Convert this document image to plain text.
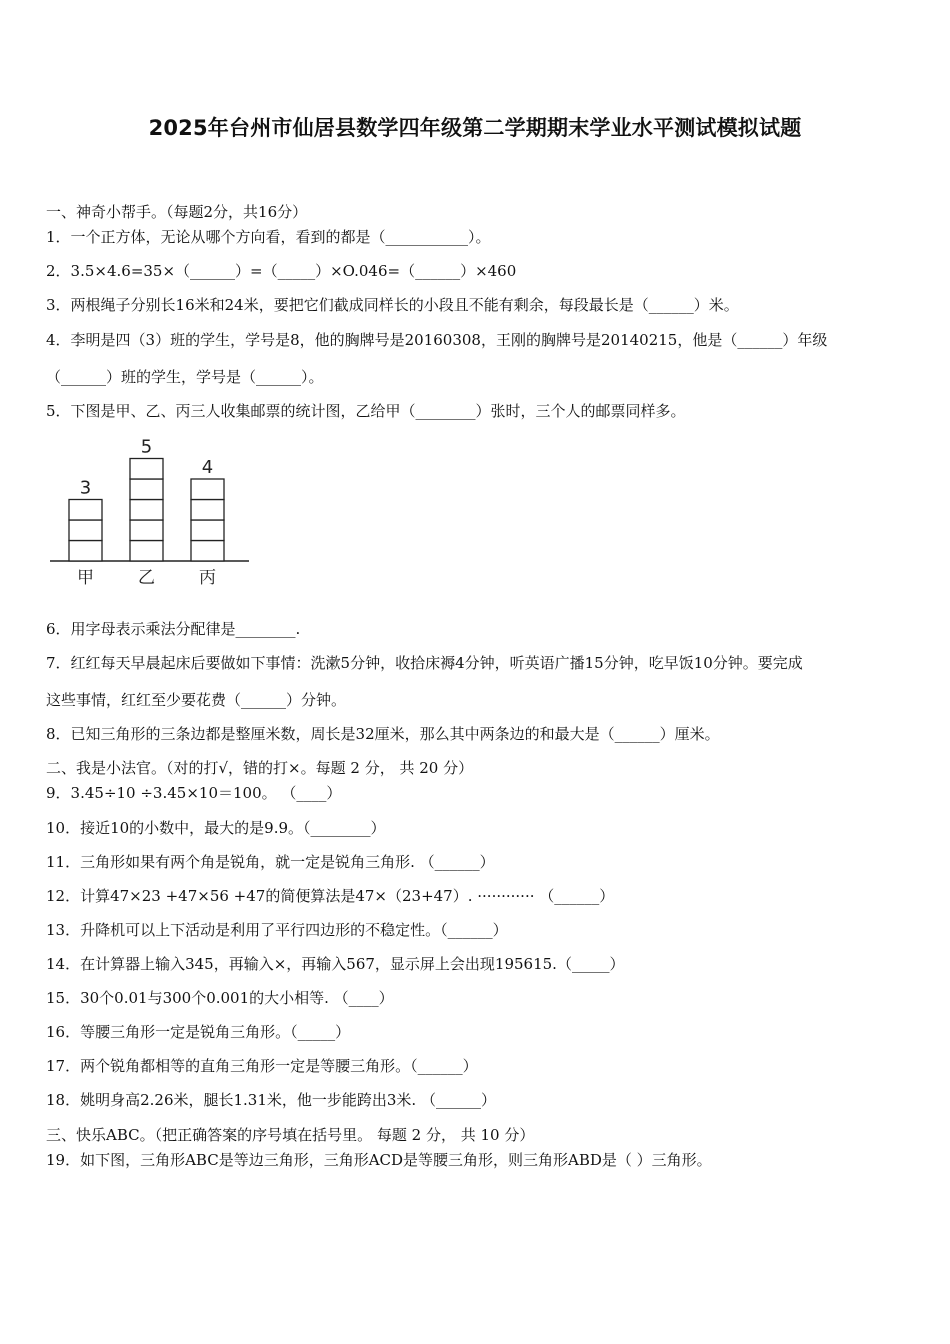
2025年台州市仙居县数学四年级第二学期期末学业水平测试模拟试题
一、神奇小帮手。（每题2分，共16分）
1．一个正方体，无论从哪个方向看，看到的都是（___________）。
2．3.5×4.6=35×（______）=（_____）×O.046=（______）×460
3．两根绳子分别长16米和24米，要把它们截成同样长的小段且不能有剩余，每段最长是（______）米。
4．李明是四（3）班的学生，学号是8，他的胸牌号是20160308，王刚的胸牌号是20140215，他是（______）年级
（______）班的学生，学号是（______）。
5．下图是甲、乙、丙三人收集邮票的统计图，乙给甲（________）张时，三个人的邮票同样多。
3
甲
5
乙
4
丙
6．用字母表示乘法分配律是________.
7．红红每天早晨起床后要做如下事情：洗漱5分钟，收拾床褥4分钟，听英语广播15分钟，吃早饭10分钟。要完成
这些事情，红红至少要花费（______）分钟。
8．已知三角形的三条边都是整厘米数，周长是32厘米，那么其中两条边的和最大是（______）厘米。
二、我是小法官。（对的打√，错的打×。每题 2 分， 共 20 分）
9．3.45÷10 ÷3.45×10＝100。 （____）
10．接近10的小数中，最大的是9.9。（________）
11．三角形如果有两个角是锐角，就一定是锐角三角形. （______）
12．计算47×23 +47×56 +47的简便算法是47×（23+47）. ············ （______）
13．升降机可以上下活动是利用了平行四边形的不稳定性。（______）
14．在计算器上输入345，再输入×，再输入567，显示屏上会出现195615.（_____）
15．30个0.01与300个0.001的大小相等. （____）
16．等腰三角形一定是锐角三角形。（_____）
17．两个锐角都相等的直角三角形一定是等腰三角形。（______）
18．姚明身高2.26米，腿长1.31米，他一步能跨出3米. （______）
三、快乐ABC。（把正确答案的序号填在括号里。 每题 2 分， 共 10 分）
19．如下图，三角形ABC是等边三角形，三角形ACD是等腰三角形，则三角形ABD是（ ）三角形。
